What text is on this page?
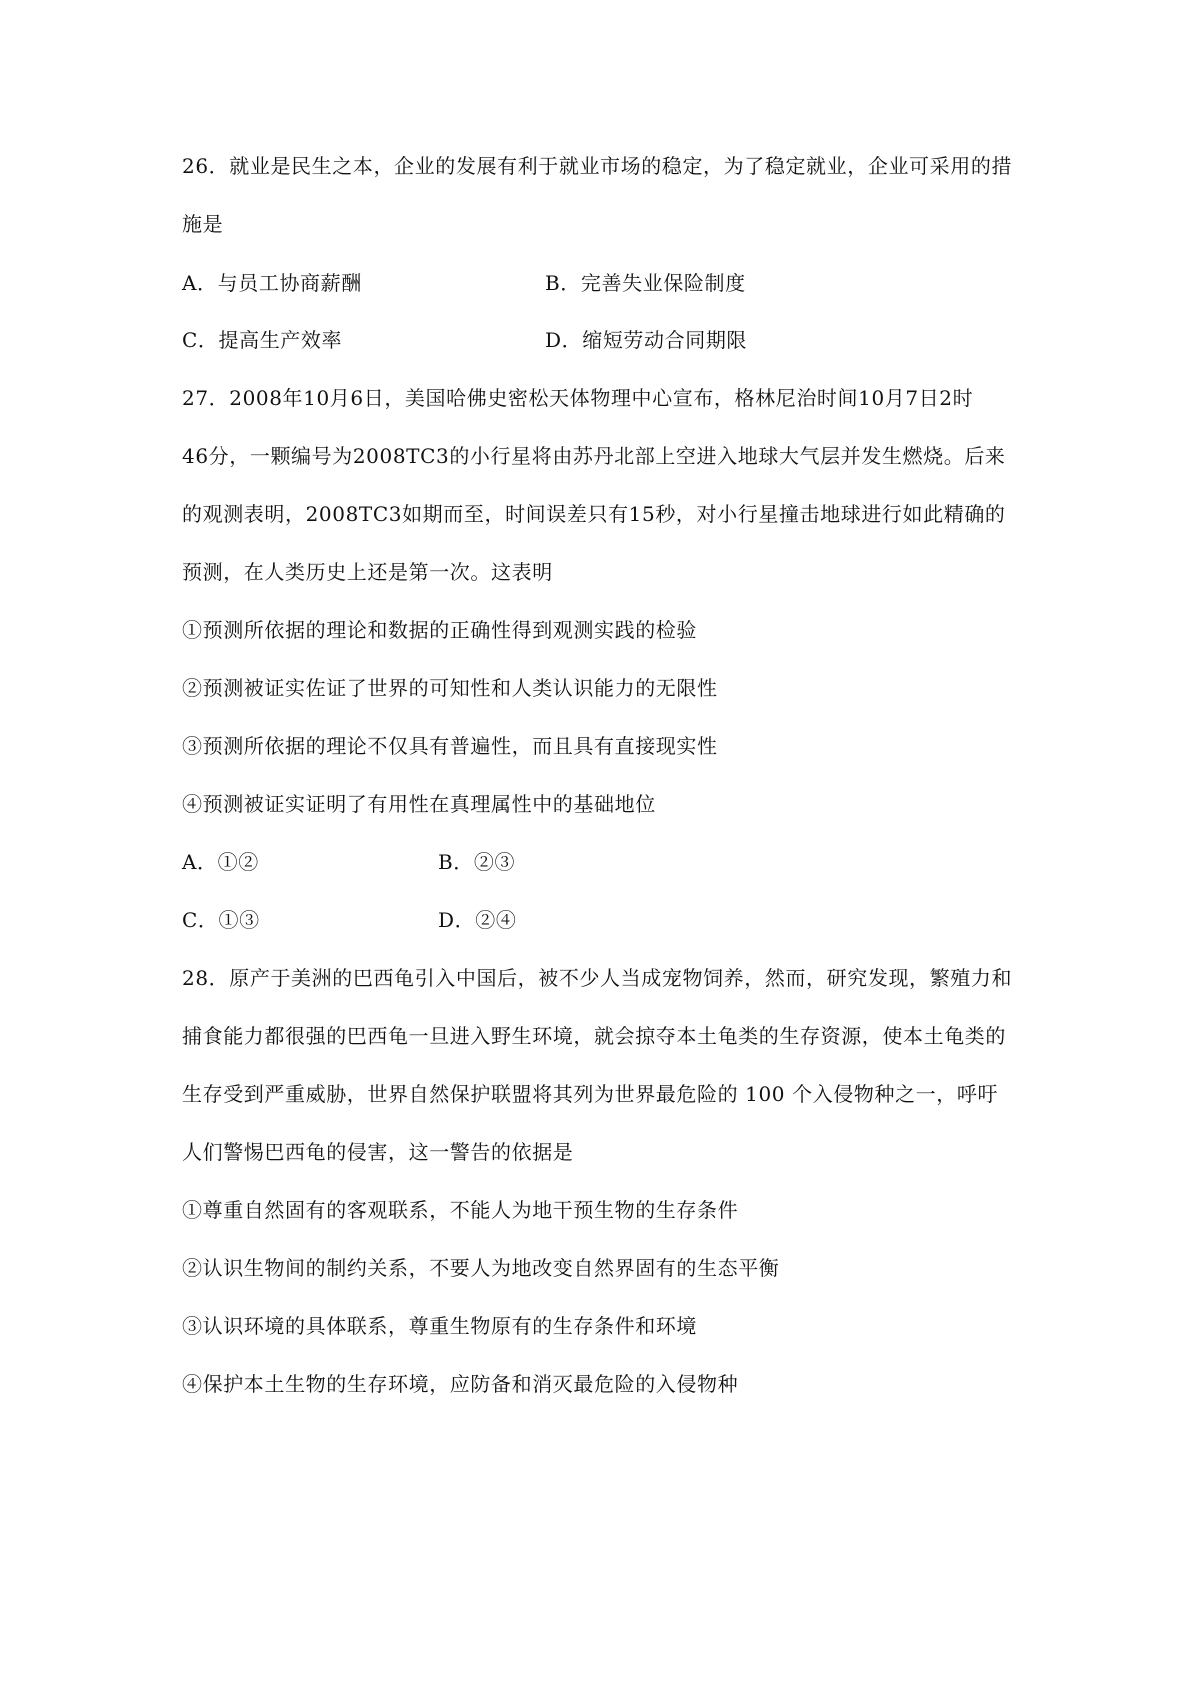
26．就业是民生之本，企业的发展有利于就业市场的稳定，为了稳定就业，企业可采用的措
施是
A．与员工协商薪酬	B．完善失业保险制度
C．提高生产效率	D．缩短劳动合同期限
27．2008年10月6日，美国哈佛史密松天体物理中心宣布，格林尼治时间10月7日2时
46分，一颗编号为2008TC3的小行星将由苏丹北部上空进入地球大气层并发生燃烧。后来
的观测表明，2008TC3如期而至，时间误差只有15秒，对小行星撞击地球进行如此精确的
预测，在人类历史上还是第一次。这表明
①预测所依据的理论和数据的正确性得到观测实践的检验
②预测被证实佐证了世界的可知性和人类认识能力的无限性
③预测所依据的理论不仅具有普遍性，而且具有直接现实性
④预测被证实证明了有用性在真理属性中的基础地位
A．①②	B．②③
C．①③	D．②④
28．原产于美洲的巴西龟引入中国后，被不少人当成宠物饲养，然而，研究发现，繁殖力和
捕食能力都很强的巴西龟一旦进入野生环境，就会掠夺本土龟类的生存资源，使本土龟类的
生存受到严重威胁，世界自然保护联盟将其列为世界最危险的 100 个入侵物种之一，呼吁
人们警惕巴西龟的侵害，这一警告的依据是
①尊重自然固有的客观联系，不能人为地干预生物的生存条件
②认识生物间的制约关系，不要人为地改变自然界固有的生态平衡
③认识环境的具体联系，尊重生物原有的生存条件和环境
④保护本土生物的生存环境，应防备和消灭最危险的入侵物种
